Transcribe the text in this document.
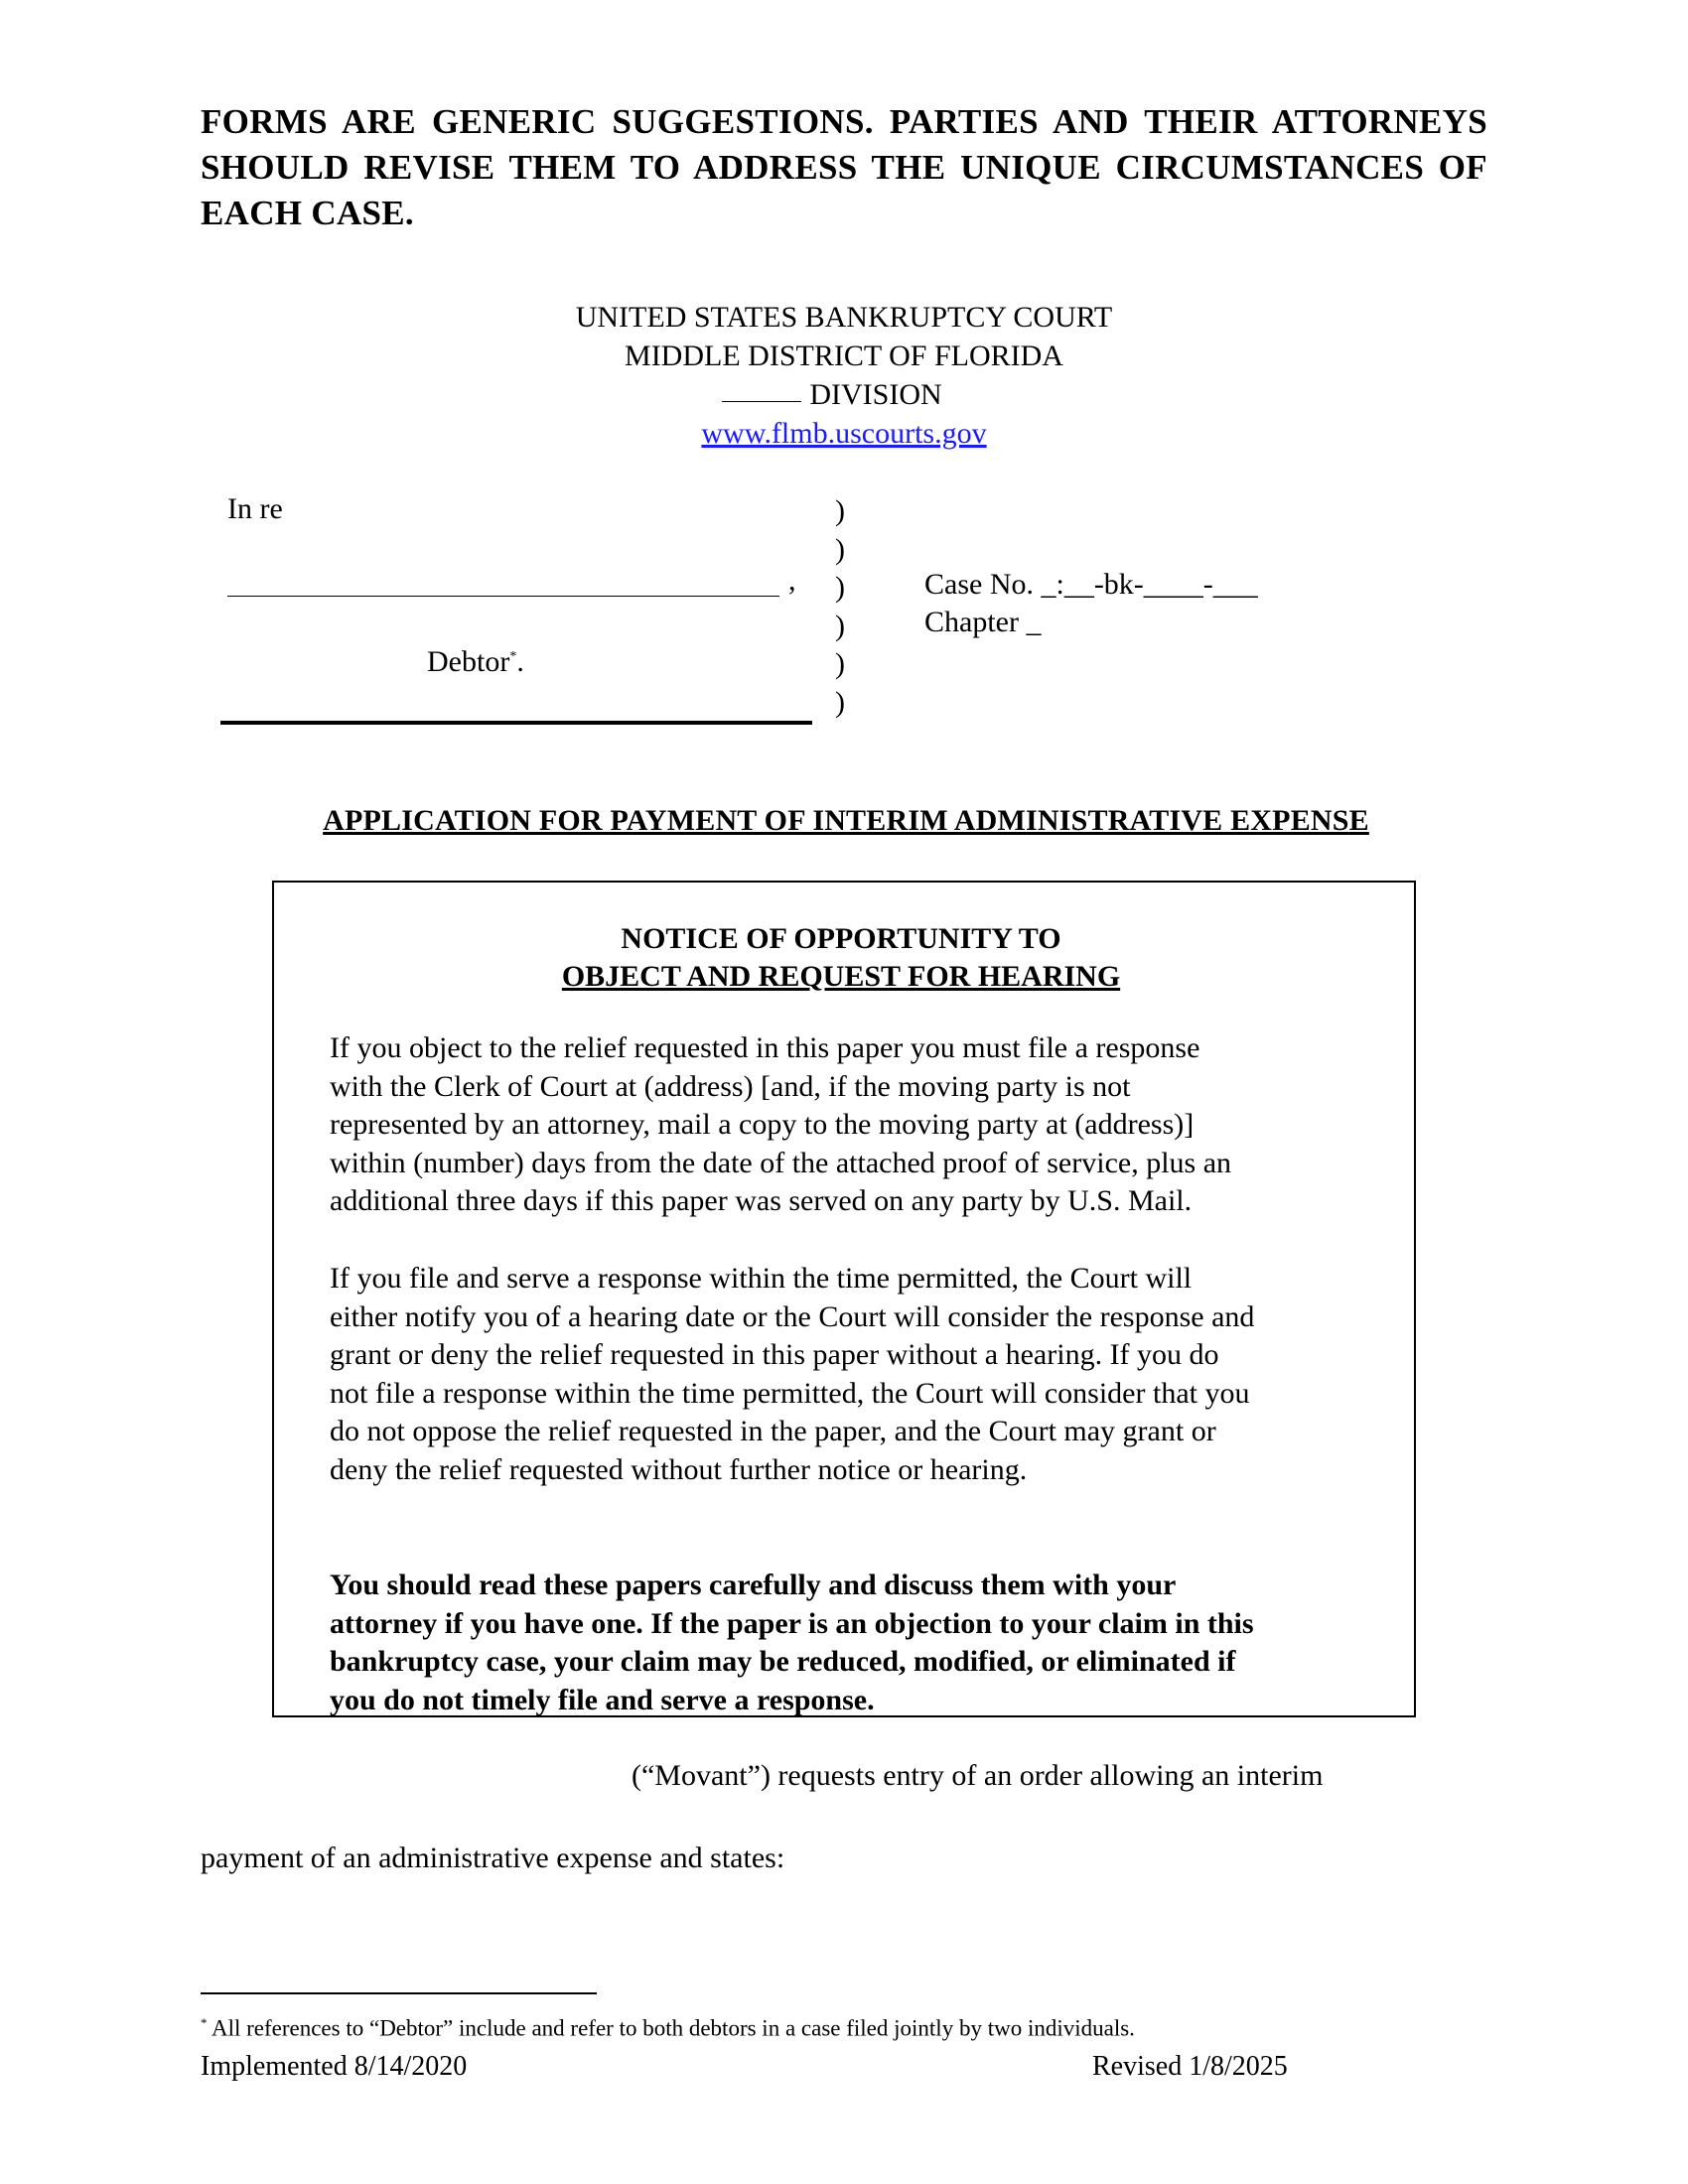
FORMS ARE GENERIC SUGGESTIONS. PARTIES AND THEIR ATTORNEYS SHOULD REVISE THEM TO ADDRESS THE UNIQUE CIRCUMSTANCES OF EACH CASE.
UNITED STATES BANKRUPTCY COURT
MIDDLE DISTRICT OF FLORIDA
DIVISION
www.flmb.uscourts.gov
In re
,
Debtor*.
)
)
)
)
)
)
Case No. _:__-bk-____-___
Chapter _
APPLICATION FOR PAYMENT OF INTERIM ADMINISTRATIVE EXPENSE
NOTICE OF OPPORTUNITY TO
OBJECT AND REQUEST FOR HEARING
If you object to the relief requested in this paper you must file a response
with the Clerk of Court at (address) [and, if the moving party is not
represented by an attorney, mail a copy to the moving party at (address)]
within (number) days from the date of the attached proof of service, plus an
additional three days if this paper was served on any party by U.S. Mail.
If you file and serve a response within the time permitted, the Court will
either notify you of a hearing date or the Court will consider the response and
grant or deny the relief requested in this paper without a hearing. If you do
not file a response within the time permitted, the Court will consider that you
do not oppose the relief requested in the paper, and the Court may grant or
deny the relief requested without further notice or hearing.
You should read these papers carefully and discuss them with your
attorney if you have one. If the paper is an objection to your claim in this
bankruptcy case, your claim may be reduced, modified, or eliminated if
you do not timely file and serve a response.
(“Movant”) requests entry of an order allowing an interim
payment of an administrative expense and states:
* All references to “Debtor” include and refer to both debtors in a case filed jointly by two individuals.
Implemented 8/14/2020	Revised 1/8/2025
